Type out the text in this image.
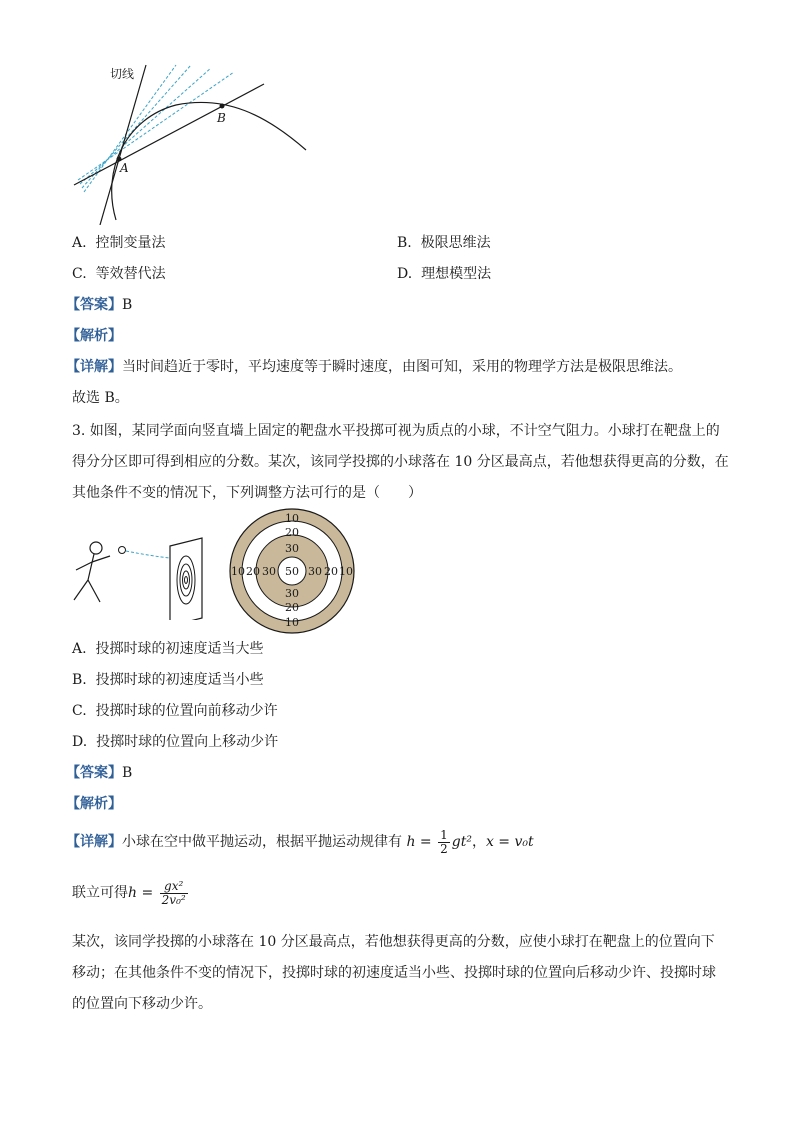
切线
A
B
A. 控制变量法	B. 极限思维法
C. 等效替代法	D. 理想模型法
【答案】B
【解析】
【详解】当时间趋近于零时，平均速度等于瞬时速度，由图可知，采用的物理学方法是极限思维法。
故选 B。
3. 如图，某同学面向竖直墙上固定的靶盘水平投掷可视为质点的小球，不计空气阻力。小球打在靶盘上的
得分分区即可得到相应的分数。某次，该同学投掷的小球落在 10 分区最高点，若他想获得更高的分数，在
其他条件不变的情况下，下列调整方法可行的是（　　）
10
20
30
10 20 30 50 30 20 10
30
20
10
A. 投掷时球的初速度适当大些
B. 投掷时球的初速度适当小些
C. 投掷时球的位置向前移动少许
D. 投掷时球的位置向上移动少许
【答案】B
【解析】
【详解】小球在空中做平抛运动，根据平抛运动规律有 $h = \frac{1}{2} gt^2$，x = v₀t
联立可得$h = \frac{\text{gx²}}{\text{2v₀²}}$
某次，该同学投掷的小球落在 10 分区最高点，若他想获得更高的分数，应使小球打在靶盘上的位置向下
移动；在其他条件不变的情况下，投掷时球的初速度适当小些、投掷时球的位置向后移动少许、投掷时球
的位置向下移动少许。
